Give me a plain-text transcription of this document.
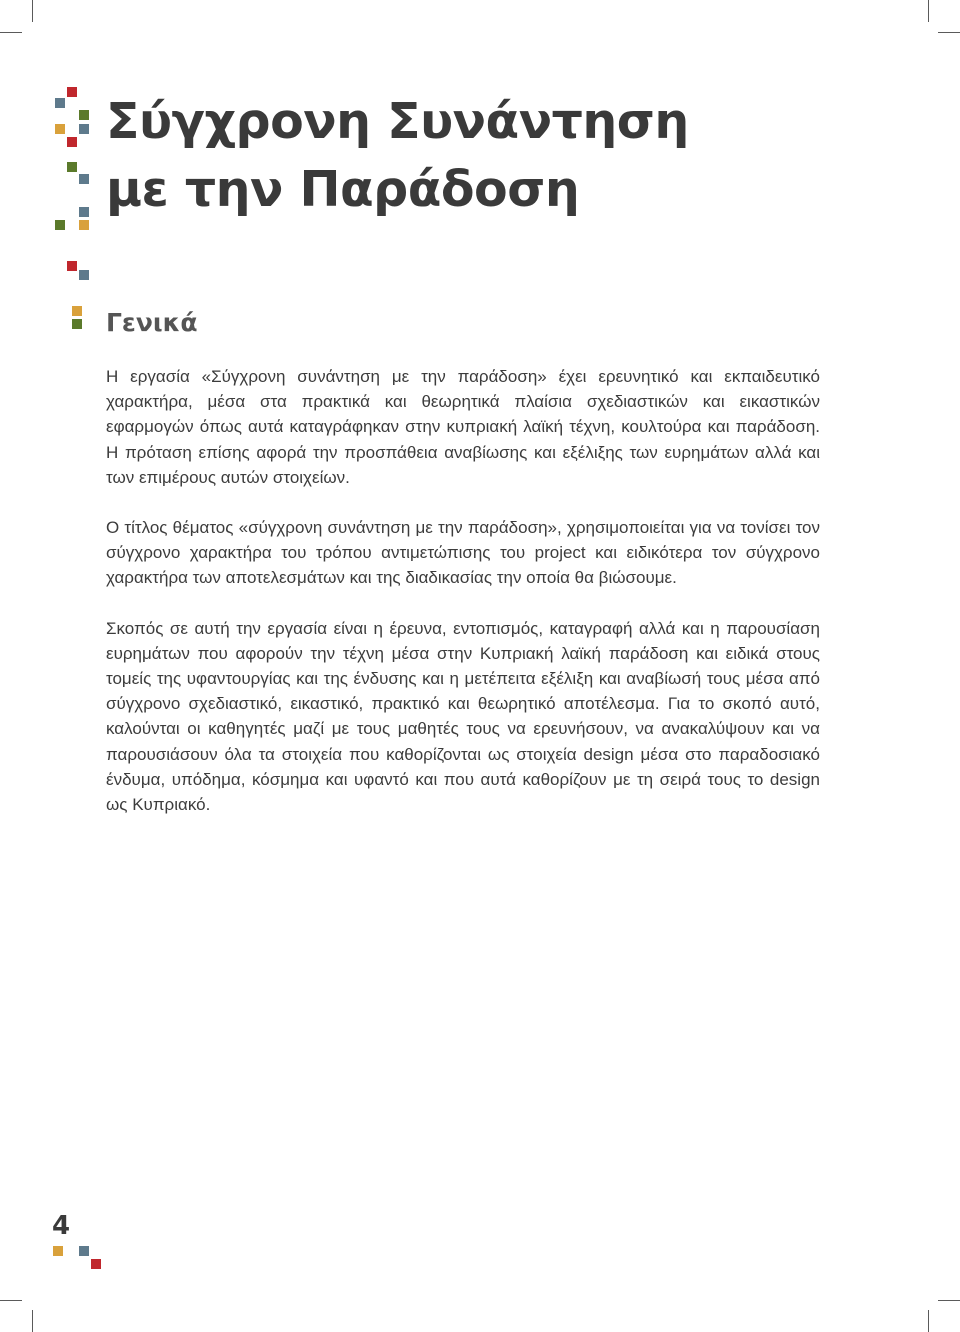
Σύγχρονη Συνάντηση
με την Παράδοση
Γενικά

Η εργασία «Σύγχρονη συνάντηση με την παράδοση» έχει ερευνητικό και εκπαιδευτικό χαρακτήρα, μέσα στα πρακτικά και θεωρητικά πλαίσια σχεδιαστικών και εικαστικών εφαρμογών όπως αυτά καταγράφηκαν στην κυπριακή λαϊκή τέχνη, κουλτούρα και παράδοση. Η πρόταση επίσης αφορά την προσπάθεια αναβίωσης και εξέλιξης των ευρημάτων αλλά και των επιμέρους αυτών στοιχείων.

Ο τίτλος θέματος «σύγχρονη συνάντηση με την παράδοση», χρησιμοποιείται για να τονίσει τον σύγχρονο χαρακτήρα του τρόπου αντιμετώπισης του project και ειδικότερα τον σύγχρονο χαρακτήρα των αποτελεσμάτων και της διαδικασίας την οποία θα βιώσουμε.

Σκοπός σε αυτή την εργασία είναι η έρευνα, εντοπισμός, καταγραφή αλλά και η παρουσίαση ευρημάτων που αφορούν την τέχνη μέσα στην Κυπριακή λαϊκή παράδοση και ειδικά στους τομείς της υφαντουργίας και της ένδυσης και η μετέπειτα εξέλιξη και αναβίωσή τους μέσα από σύγχρονο σχεδιαστικό, εικαστικό, πρακτικό και θεωρητικό αποτέλεσμα. Για το σκοπό αυτό, καλούνται οι καθηγητές μαζί με τους μαθητές τους να ερευνήσουν, να ανακαλύψουν και να παρουσιάσουν όλα τα στοιχεία που καθορίζονται ως στοιχεία design μέσα στο παραδοσιακό ένδυμα, υπόδημα, κόσμημα και υφαντό και που αυτά καθορίζουν με τη σειρά τους το design ως Κυπριακό.

4
